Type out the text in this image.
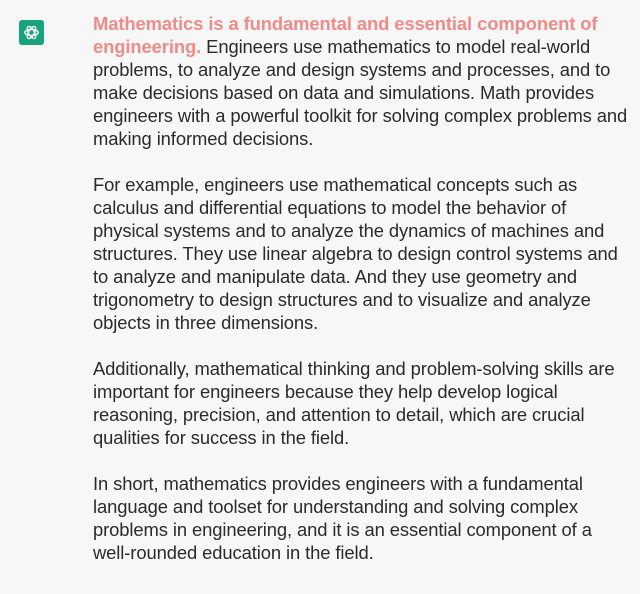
Mathematics is a fundamental and essential component of engineering. Engineers use mathematics to model real-world problems, to analyze and design systems and processes, and to make decisions based on data and simulations. Math provides engineers with a powerful toolkit for solving complex problems and making informed decisions.

For example, engineers use mathematical concepts such as calculus and differential equations to model the behavior of physical systems and to analyze the dynamics of machines and structures. They use linear algebra to design control systems and to analyze and manipulate data. And they use geometry and trigonometry to design structures and to visualize and analyze objects in three dimensions.

Additionally, mathematical thinking and problem-solving skills are important for engineers because they help develop logical reasoning, precision, and attention to detail, which are crucial qualities for success in the field.

In short, mathematics provides engineers with a fundamental language and toolset for understanding and solving complex problems in engineering, and it is an essential component of a well-rounded education in the field.
